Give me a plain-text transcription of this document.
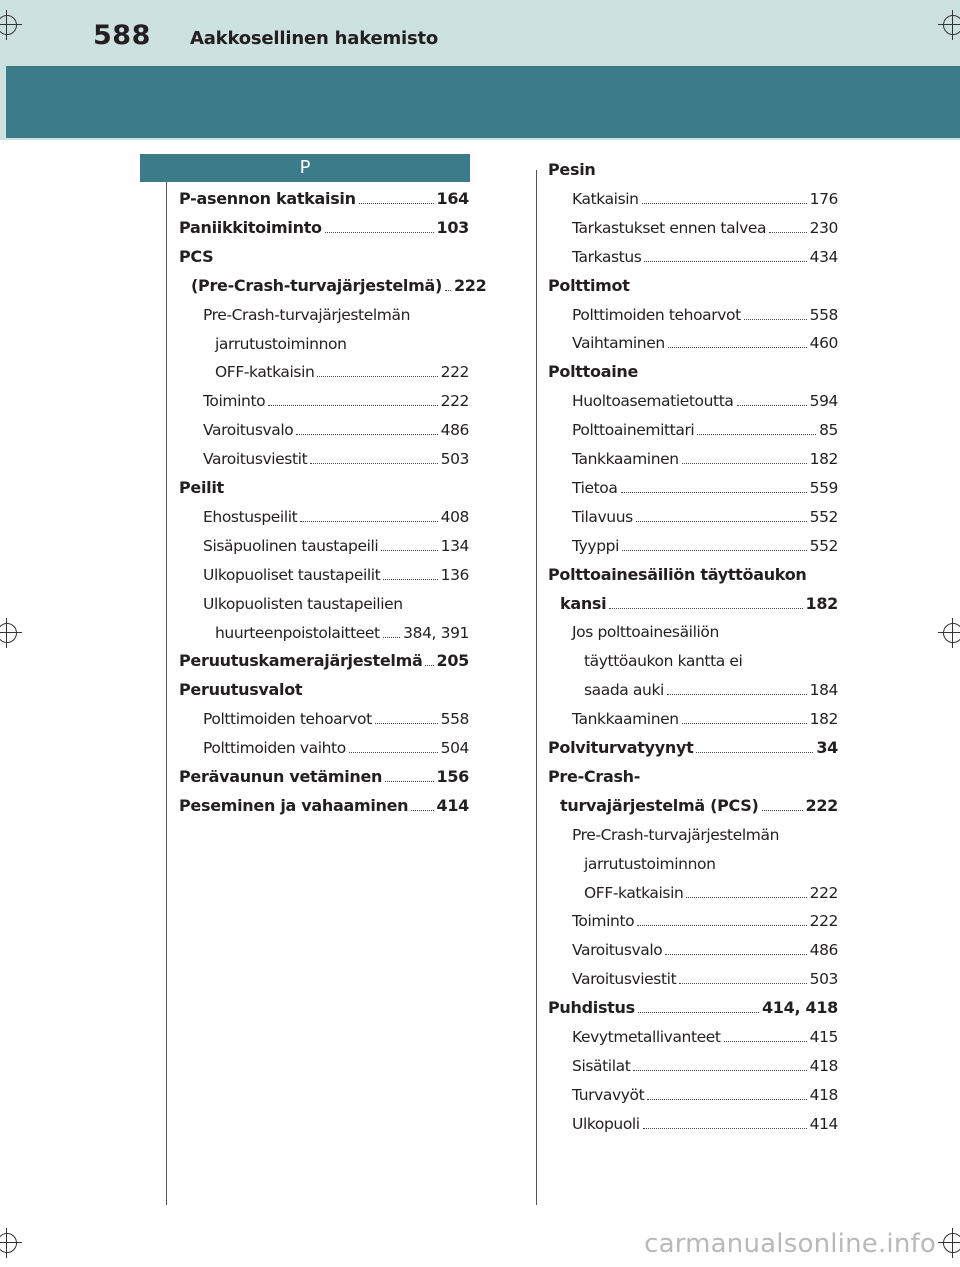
588 Aakkosellinen hakemisto
P
P-asennon katkaisin	164
Paniikkitoiminto	103
PCS
(Pre-Crash-turvajärjestelmä) 222
Pre-Crash-turvajärjestelmän
jarrutustoiminnon
OFF-katkaisin	222
Toiminto	222
Varoitusvalo	486
Varoitusviestit	503
Peilit
Ehostuspeilit	408
Sisäpuolinen taustapeili	134
Ulkopuoliset taustapeilit	136
Ulkopuolisten taustapeilien
huurteenpoistolaitteet 384, 391
Peruutuskamerajärjestelmä 205
Peruutusvalot
Polttimoiden tehoarvot	558
Polttimoiden vaihto	504
Perävaunun vetäminen	156
Peseminen ja vahaaminen 414
Pesin
Katkaisin	176
Tarkastukset ennen talvea	230
Tarkastus	434
Polttimot
Polttimoiden tehoarvot	558
Vaihtaminen	460
Polttoaine
Huoltoasematietoutta	594
Polttoainemittari	85
Tankkaaminen	182
Tietoa	559
Tilavuus	552
Tyyppi	552
Polttoainesäiliön täyttöaukon
kansi	182
Jos polttoainesäiliön
täyttöaukon kantta ei
saada auki	184
Tankkaaminen	182
Polviturvatyynyt	34
Pre-Crash-
turvajärjestelmä (PCS)	222
Pre-Crash-turvajärjestelmän
jarrutustoiminnon
OFF-katkaisin	222
Toiminto	222
Varoitusvalo	486
Varoitusviestit	503
Puhdistus	414, 418
Kevytmetallivanteet	415
Sisätilat	418
Turvavyöt	418
Ulkopuoli	414
carmanualsonline.info
